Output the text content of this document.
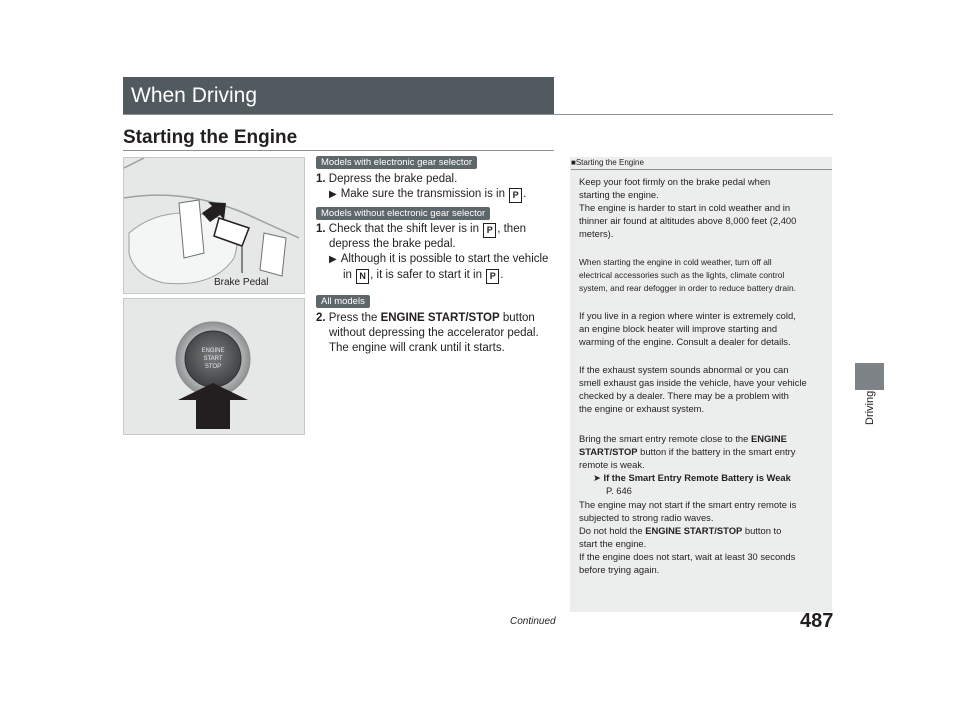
When Driving
Starting the Engine
Driving
Brake Pedal
ENGINE
START
STOP
Models with electronic gear selector
1. Depress the brake pedal.
▶ Make sure the transmission is in P .
Models without electronic gear selector
1. Check that the shift lever is in P , then
depress the brake pedal.
▶ Although it is possible to start the vehicle
in N , it is safer to start it in P .
All models
2. Press the ENGINE START/STOP button
without depressing the accelerator pedal.
The engine will crank until it starts.
■Starting the Engine
Keep your foot firmly on the brake pedal when
starting the engine.
The engine is harder to start in cold weather and in
thinner air found at altitudes above 8,000 feet (2,400
meters).
When starting the engine in cold weather, turn off all
electrical accessories such as the lights, climate control
system, and rear defogger in order to reduce battery drain.
If you live in a region where winter is extremely cold,
an engine block heater will improve starting and
warming of the engine. Consult a dealer for details.
If the exhaust system sounds abnormal or you can
smell exhaust gas inside the vehicle, have your vehicle
checked by a dealer. There may be a problem with
the engine or exhaust system.
Bring the smart entry remote close to the ENGINE
START/STOP button if the battery in the smart entry
remote is weak.
➤ If the Smart Entry Remote Battery is Weak
P. 646
The engine may not start if the smart entry remote is
subjected to strong radio waves.
Do not hold the ENGINE START/STOP button to
start the engine.
If the engine does not start, wait at least 30 seconds
before trying again.
Continued	487
